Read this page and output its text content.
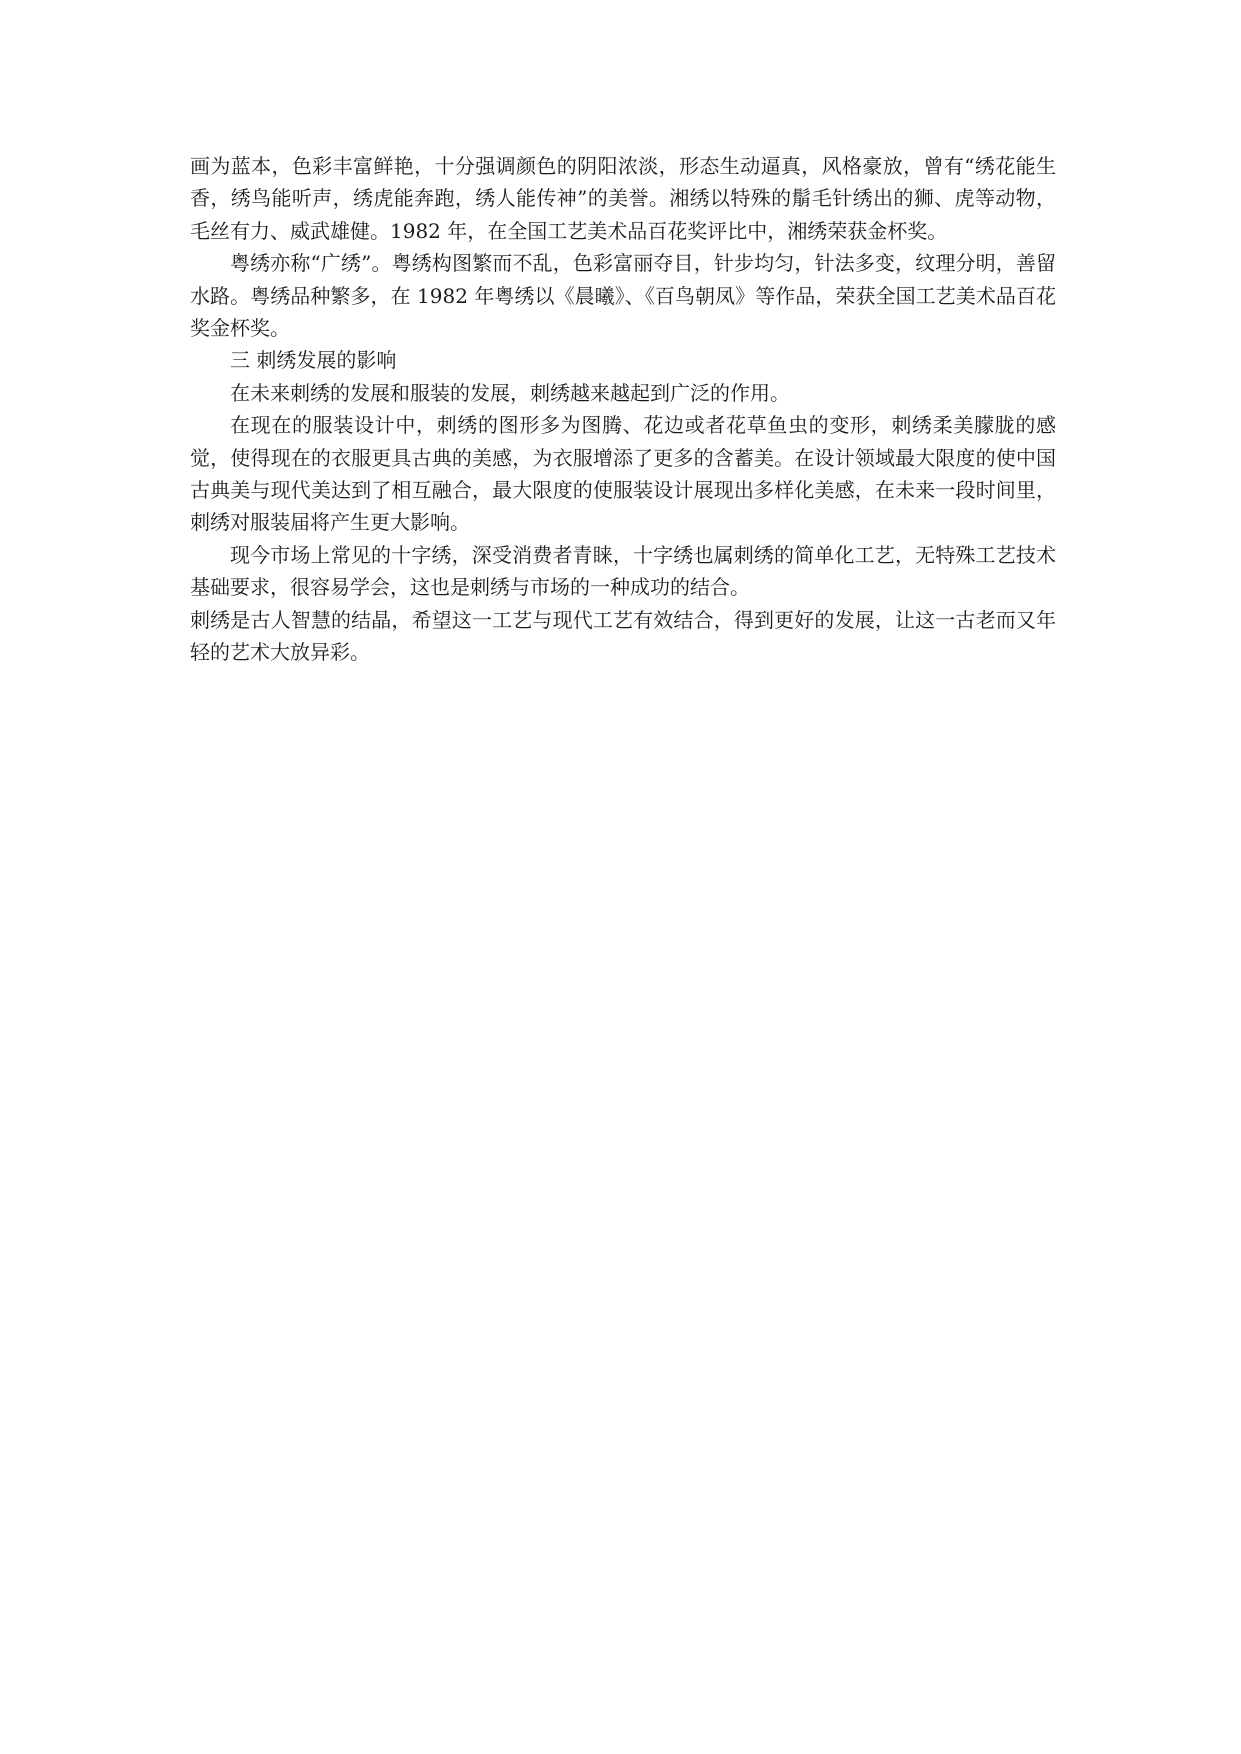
画为蓝本，色彩丰富鲜艳，十分强调颜色的阴阳浓淡，形态生动逼真，风格豪放，曾有“绣花能生香，绣鸟能听声，绣虎能奔跑，绣人能传神”的美誉。湘绣以特殊的鬅毛针绣出的狮、虎等动物，毛丝有力、威武雄健。1982 年，在全国工艺美术品百花奖评比中，湘绣荣获金杯奖。

粤绣亦称“广绣”。粤绣构图繁而不乱，色彩富丽夺目，针步均匀，针法多变，纹理分明，善留水路。粤绣品种繁多，在 1982 年粤绣以《晨曦》、《百鸟朝凤》等作品，荣获全国工艺美术品百花奖金杯奖。

三 刺绣发展的影响

在未来刺绣的发展和服装的发展，刺绣越来越起到广泛的作用。

在现在的服装设计中，刺绣的图形多为图腾、花边或者花草鱼虫的变形，刺绣柔美朦胧的感觉，使得现在的衣服更具古典的美感，为衣服增添了更多的含蓄美。在设计领域最大限度的使中国古典美与现代美达到了相互融合，最大限度的使服装设计展现出多样化美感，在未来一段时间里，刺绣对服装届将产生更大影响。

现今市场上常见的十字绣，深受消费者青睐，十字绣也属刺绣的简单化工艺，无特殊工艺技术基础要求，很容易学会，这也是刺绣与市场的一种成功的结合。

刺绣是古人智慧的结晶，希望这一工艺与现代工艺有效结合，得到更好的发展，让这一古老而又年轻的艺术大放异彩。
